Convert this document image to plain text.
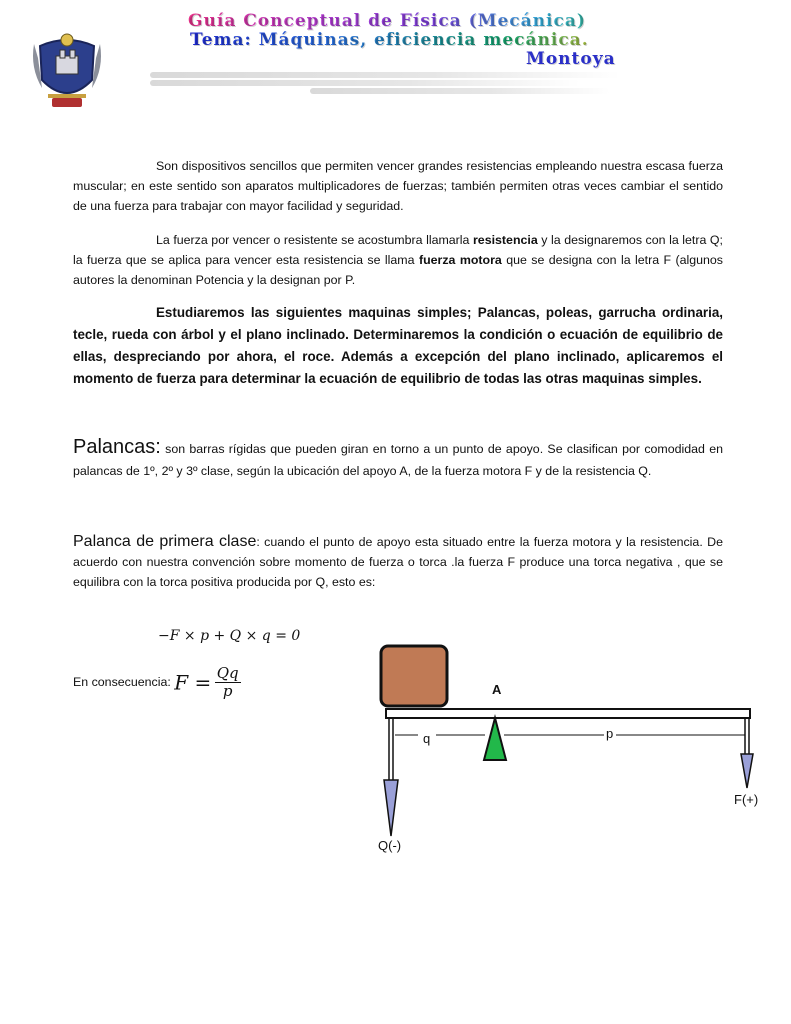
Guía Conceptual de Física (Mecánica)
Tema: Máquinas, eficiencia mecánica.
Montoya

Son dispositivos sencillos que permiten vencer grandes resistencias empleando nuestra escasa fuerza muscular; en este sentido son aparatos multiplicadores de fuerzas; también permiten otras veces cambiar el sentido de una fuerza para trabajar con mayor facilidad y seguridad.

La fuerza por vencer o resistente se acostumbra llamarla resistencia y la designaremos con la letra Q; la fuerza que se aplica para vencer esta resistencia se llama fuerza motora que se designa con la letra F (algunos autores la denominan Potencia y la designan por P.

Estudiaremos las siguientes maquinas simples; Palancas, poleas, garrucha ordinaria, tecle, rueda con árbol y el plano inclinado. Determinaremos la condición o ecuación de equilibrio de ellas, despreciando por ahora, el roce. Además a excepción del plano inclinado, aplicaremos el momento de fuerza para determinar la ecuación de equilibrio de todas las otras maquinas simples.

Palancas: son barras rígidas que pueden giran en torno a un punto de apoyo. Se clasifican por comodidad en palancas de 1º, 2º y 3º clase, según la ubicación del apoyo A, de la fuerza motora F y de la resistencia Q.

Palanca de primera clase: cuando el punto de apoyo esta situado entre la fuerza motora y la resistencia. De acuerdo con nuestra convención sobre momento de fuerza o torca .la fuerza F produce una torca negativa , que se equilibra con la torca positiva producida por Q, esto es:

−F × p + Q × q = 0
En consecuencia: $F = \frac{Qq}{p}$	A
q	p
Q(-)
F(+)
